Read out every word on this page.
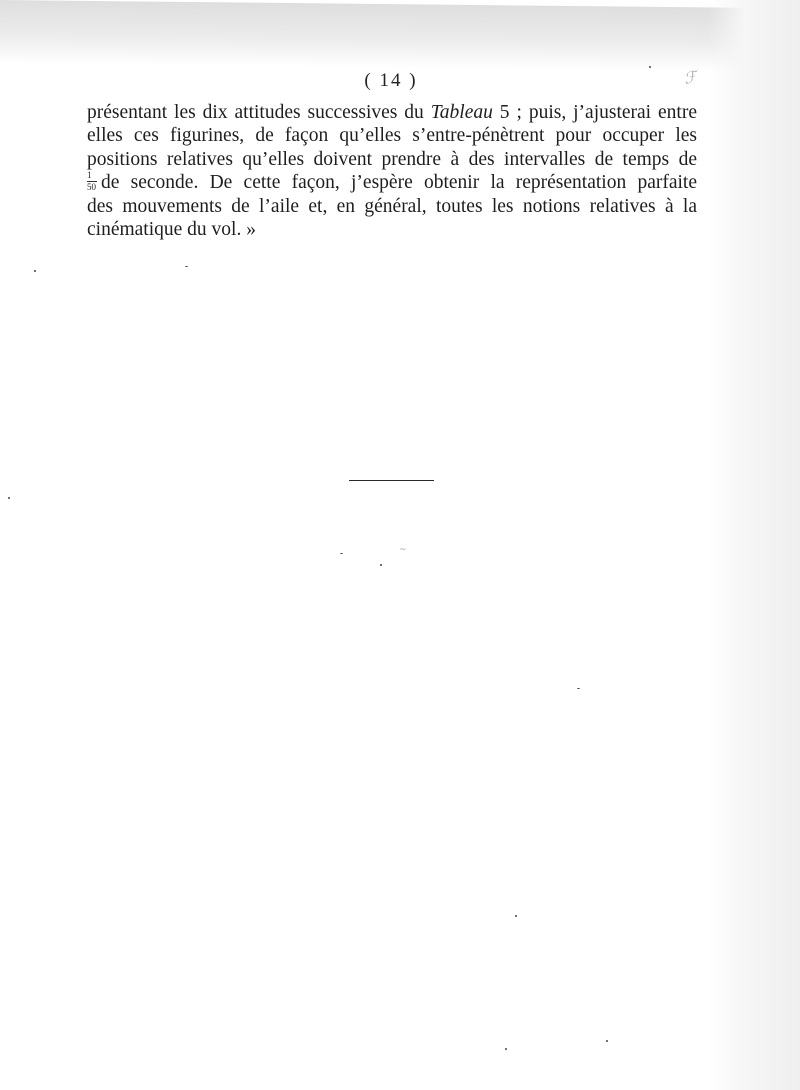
( 14 )	ℱ
présentant les dix attitudes successives du Tableau 5 ; puis, j’ajusterai entre
elles ces figurines, de façon qu’elles s’entre-pénètrent pour occuper les
positions relatives qu’elles doivent prendre à des intervalles de temps de
$\frac{1}{50}$ de seconde. De cette façon, j’espère obtenir la représentation parfaite
des mouvements de l’aile et, en général, toutes les notions relatives à la
cinématique du vol. »
~
